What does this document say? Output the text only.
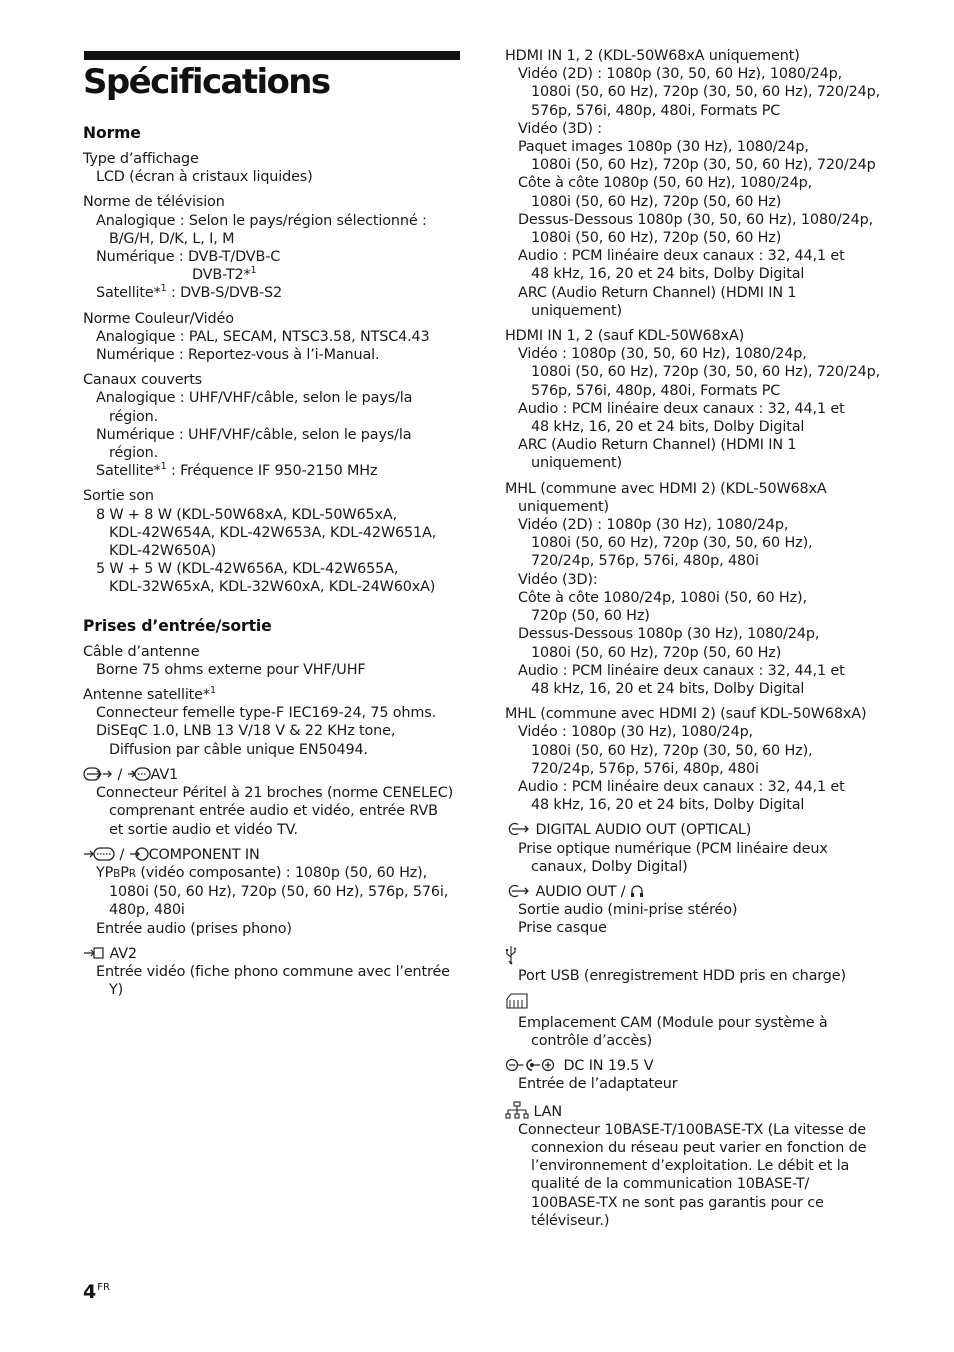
Spécifications
Norme
Type d’affichage
LCD (écran à cristaux liquides)
Norme de télévision
Analogique : Selon le pays/région sélectionné :
B/G/H, D/K, L, I, M
Numérique : DVB-T/DVB-C
DVB-T2*$^1$
Satellite*$^1$ : DVB-S/DVB-S2
Norme Couleur/Vidéo
Analogique : PAL, SECAM, NTSC3.58, NTSC4.43
Numérique : Reportez-vous à l’i-Manual.
Canaux couverts
Analogique : UHF/VHF/câble, selon le pays/la
région.
Numérique : UHF/VHF/câble, selon le pays/la
région.
Satellite*$^1$ : Fréquence IF 950-2150 MHz
Sortie son
8 W + 8 W (KDL-50W68xA, KDL-50W65xA,
KDL-42W654A, KDL-42W653A, KDL-42W651A,
KDL-42W650A)
5 W + 5 W (KDL-42W656A, KDL-42W655A,
KDL-32W65xA, KDL-32W60xA, KDL-24W60xA)
Prises d’entrée/sortie
Câble d’antenne
Borne 75 ohms externe pour VHF/UHF
Antenne satellite*$^1$
Connecteur femelle type-F IEC169-24, 75 ohms.
DiSEqC 1.0, LNB 13 V/18 V & 22 KHz tone,
Diffusion par câble unique EN50494.
/ AV1
Connecteur Péritel à 21 broches (norme CENELEC)
comprenant entrée audio et vidéo, entrée RVB
et sortie audio et vidéo TV.
/ COMPONENT IN
YPBPR (vidéo composante) : 1080p (50, 60 Hz),
1080i (50, 60 Hz), 720p (50, 60 Hz), 576p, 576i,
480p, 480i
Entrée audio (prises phono)
AV2
Entrée vidéo (fiche phono commune avec l’entrée
Y)
HDMI IN 1, 2 (KDL-50W68xA uniquement)
Vidéo (2D) : 1080p (30, 50, 60 Hz), 1080/24p,
1080i (50, 60 Hz), 720p (30, 50, 60 Hz), 720/24p,
576p, 576i, 480p, 480i, Formats PC
Vidéo (3D) :
Paquet images 1080p (30 Hz), 1080/24p,
1080i (50, 60 Hz), 720p (30, 50, 60 Hz), 720/24p
Côte à côte 1080p (50, 60 Hz), 1080/24p,
1080i (50, 60 Hz), 720p (50, 60 Hz)
Dessus-Dessous 1080p (30, 50, 60 Hz), 1080/24p,
1080i (50, 60 Hz), 720p (50, 60 Hz)
Audio : PCM linéaire deux canaux : 32, 44,1 et
48 kHz, 16, 20 et 24 bits, Dolby Digital
ARC (Audio Return Channel) (HDMI IN 1
uniquement)
HDMI IN 1, 2 (sauf KDL-50W68xA)
Vidéo : 1080p (30, 50, 60 Hz), 1080/24p,
1080i (50, 60 Hz), 720p (30, 50, 60 Hz), 720/24p,
576p, 576i, 480p, 480i, Formats PC
Audio : PCM linéaire deux canaux : 32, 44,1 et
48 kHz, 16, 20 et 24 bits, Dolby Digital
ARC (Audio Return Channel) (HDMI IN 1
uniquement)
MHL (commune avec HDMI 2) (KDL-50W68xA
uniquement)
Vidéo (2D) : 1080p (30 Hz), 1080/24p,
1080i (50, 60 Hz), 720p (30, 50, 60 Hz),
720/24p, 576p, 576i, 480p, 480i
Vidéo (3D):
Côte à côte 1080/24p, 1080i (50, 60 Hz),
720p (50, 60 Hz)
Dessus-Dessous 1080p (30 Hz), 1080/24p,
1080i (50, 60 Hz), 720p (50, 60 Hz)
Audio : PCM linéaire deux canaux : 32, 44,1 et
48 kHz, 16, 20 et 24 bits, Dolby Digital
MHL (commune avec HDMI 2) (sauf KDL-50W68xA)
Vidéo : 1080p (30 Hz), 1080/24p,
1080i (50, 60 Hz), 720p (30, 50, 60 Hz),
720/24p, 576p, 576i, 480p, 480i
Audio : PCM linéaire deux canaux : 32, 44,1 et
48 kHz, 16, 20 et 24 bits, Dolby Digital
DIGITAL AUDIO OUT (OPTICAL)
Prise optique numérique (PCM linéaire deux
canaux, Dolby Digital)
AUDIO OUT /
Sortie audio (mini-prise stéréo)
Prise casque
Port USB (enregistrement HDD pris en charge)
Emplacement CAM (Module pour système à
contrôle d’accès)
DC IN 19.5 V
Entrée de l’adaptateur
LAN
Connecteur 10BASE-T/100BASE-TX (La vitesse de
connexion du réseau peut varier en fonction de
l’environnement d’exploitation. Le débit et la
qualité de la communication 10BASE-T/
100BASE-TX ne sont pas garantis pour ce
téléviseur.)
$4^{FR}$
